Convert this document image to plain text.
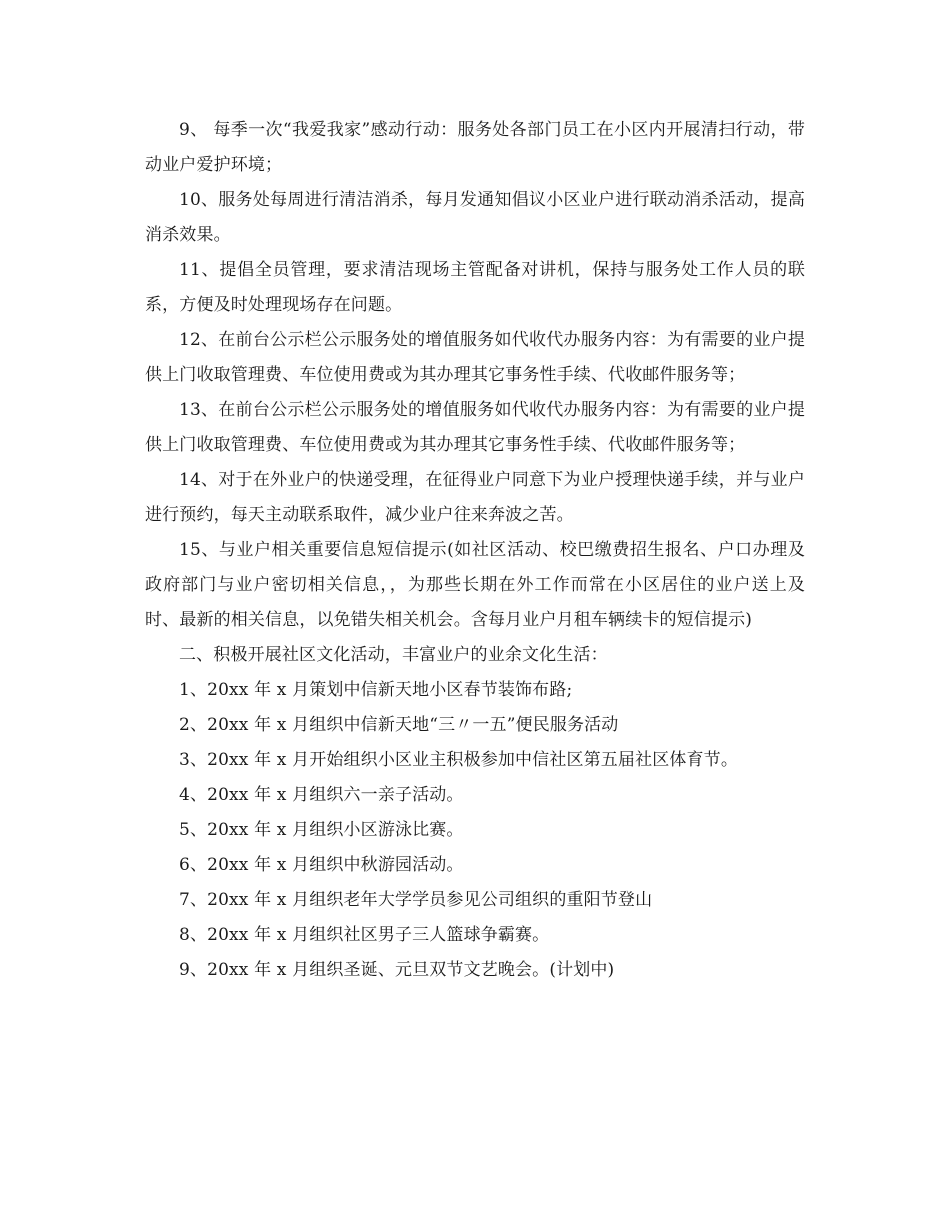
9、 每季一次“我爱我家”感动行动：服务处各部门员工在小区内开展清扫行动，带动业户爱护环境；

10、服务处每周进行清洁消杀，每月发通知倡议小区业户进行联动消杀活动，提高消杀效果。

11、提倡全员管理，要求清洁现场主管配备对讲机，保持与服务处工作人员的联系，方便及时处理现场存在问题。

12、在前台公示栏公示服务处的增值服务如代收代办服务内容：为有需要的业户提供上门收取管理费、车位使用费或为其办理其它事务性手续、代收邮件服务等；

13、在前台公示栏公示服务处的增值服务如代收代办服务内容：为有需要的业户提供上门收取管理费、车位使用费或为其办理其它事务性手续、代收邮件服务等；

14、对于在外业户的快递受理，在征得业户同意下为业户授理快递手续，并与业户进行预约，每天主动联系取件，减少业户往来奔波之苦。

15、与业户相关重要信息短信提示(如社区活动、校巴缴费招生报名、户口办理及政府部门与业户密切相关信息，，为那些长期在外工作而常在小区居住的业户送上及时、最新的相关信息，以免错失相关机会。含每月业户月租车辆续卡的短信提示)

二、积极开展社区文化活动，丰富业户的业余文化生活：

1、20xx 年 x 月策划中信新天地小区春节装饰布路;

2、20xx 年 x 月组织中信新天地“三〃一五”便民服务活动

3、20xx 年 x 月开始组织小区业主积极参加中信社区第五届社区体育节。

4、20xx 年 x 月组织六一亲子活动。

5、20xx 年 x 月组织小区游泳比赛。

6、20xx 年 x 月组织中秋游园活动。

7、20xx 年 x 月组织老年大学学员参见公司组织的重阳节登山

8、20xx 年 x 月组织社区男子三人篮球争霸赛。

9、20xx 年 x 月组织圣诞、元旦双节文艺晚会。(计划中)
